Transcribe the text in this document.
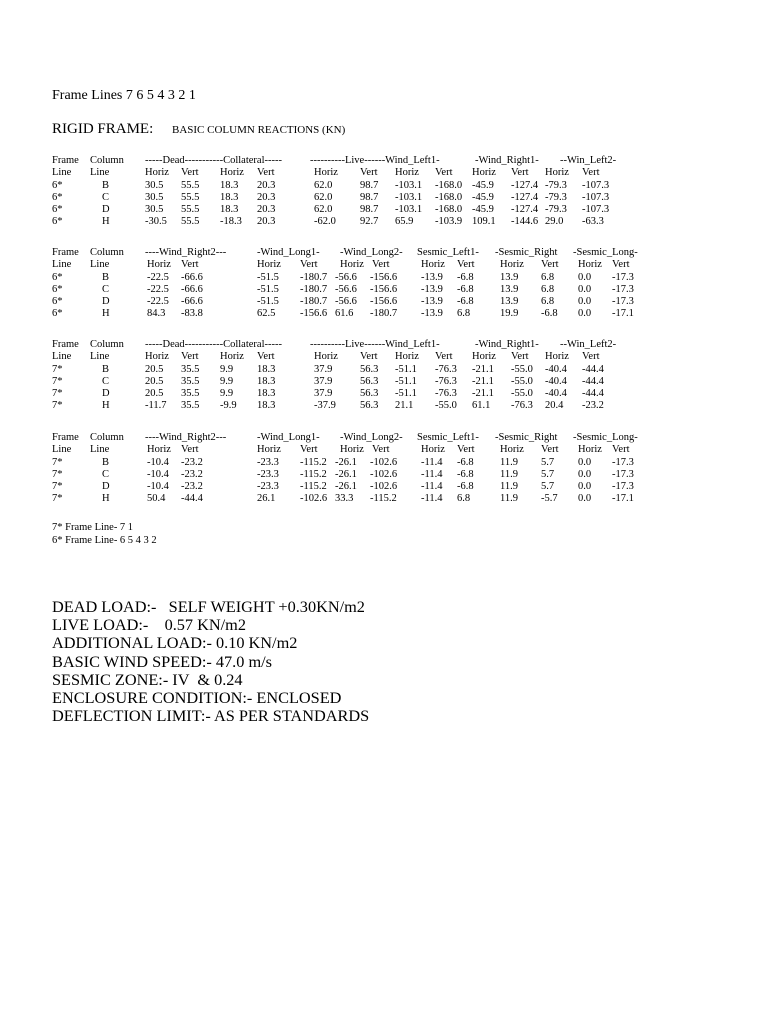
Frame Lines 7 6 5 4 3 2 1
RIGID FRAME: BASIC COLUMN REACTIONS (KN)
Frame Column -----Dead-----------Collateral-----	----------Live------Wind_Left1-	-Wind_Right1- --Win_Left2-
Line Line	Horiz Vert Horiz Vert	Horiz Vert Horiz Vert Horiz Vert Horiz Vert
6*	B	30.5 55.5 18.3 20.3	62.0	98.7 -103.1 -168.0 -45.9 -127.4 -79.3 -107.3
6*	C	30.5 55.5 18.3 20.3	62.0	98.7 -103.1 -168.0 -45.9 -127.4 -79.3 -107.3
6*	D	30.5 55.5 18.3 20.3	62.0	98.7 -103.1 -168.0 -45.9 -127.4 -79.3 -107.3
6*	H	-30.5 55.5 -18.3 20.3	-62.0 92.7 65.9 -103.9 109.1 -144.6 29.0 -63.3
Frame Column ----Wind_Right2---	-Wind_Long1- -Wind_Long2- Sesmic_Left1- -Sesmic_Right -Sesmic_Long-
Line Line	Horiz Vert	Horiz Vert Horiz Vert	Horiz Vert Horiz Vert Horiz Vert
6*	B	-22.5 -66.6	-51.5 -180.7 -56.6 -156.6 -13.9 -6.8	13.9 6.8 0.0 -17.3
6*	C	-22.5 -66.6	-51.5 -180.7 -56.6 -156.6 -13.9 -6.8	13.9 6.8 0.0 -17.3
6*	D	-22.5 -66.6	-51.5 -180.7 -56.6 -156.6 -13.9 -6.8	13.9 6.8 0.0 -17.3
6*	H	84.3 -83.8	62.5 -156.6 61.6 -180.7 -13.9 6.8	19.9 -6.8 0.0 -17.1
Frame Column -----Dead-----------Collateral-----	----------Live------Wind_Left1-	-Wind_Right1- --Win_Left2-
Line Line	Horiz Vert Horiz Vert	Horiz Vert Horiz Vert Horiz Vert Horiz Vert
7*	B	20.5 35.5 9.9 18.3	37.9	56.3 -51.1 -76.3 -21.1 -55.0 -40.4 -44.4
7*	C	20.5 35.5 9.9 18.3	37.9	56.3 -51.1 -76.3 -21.1 -55.0 -40.4 -44.4
7*	D	20.5 35.5 9.9 18.3	37.9	56.3 -51.1 -76.3 -21.1 -55.0 -40.4 -44.4
7*	H	-11.7 35.5 -9.9 18.3	-37.9 56.3 21.1 -55.0 61.1 -76.3 20.4 -23.2
Frame Column ----Wind_Right2---	-Wind_Long1- -Wind_Long2- Sesmic_Left1- -Sesmic_Right -Sesmic_Long-
Line Line	Horiz Vert	Horiz Vert Horiz Vert	Horiz Vert Horiz Vert Horiz Vert
7*	B	-10.4 -23.2	-23.3 -115.2 -26.1 -102.6 -11.4 -6.8	11.9 5.7 0.0 -17.3
7*	C	-10.4 -23.2	-23.3 -115.2 -26.1 -102.6 -11.4 -6.8	11.9 5.7 0.0 -17.3
7*	D	-10.4 -23.2	-23.3 -115.2 -26.1 -102.6 -11.4 -6.8	11.9 5.7 0.0 -17.3
7*	H	50.4 -44.4	26.1 -102.6 33.3 -115.2 -11.4 6.8	11.9 -5.7 0.0 -17.1
7* Frame Line- 7 1
6* Frame Line- 6 5 4 3 2
DEAD LOAD:-   SELF WEIGHT +0.30KN/m2
LIVE LOAD:-    0.57 KN/m2
ADDITIONAL LOAD:- 0.10 KN/m2
BASIC WIND SPEED:- 47.0 m/s
SESMIC ZONE:- IV  & 0.24
ENCLOSURE CONDITION:- ENCLOSED
DEFLECTION LIMIT:- AS PER STANDARDS
